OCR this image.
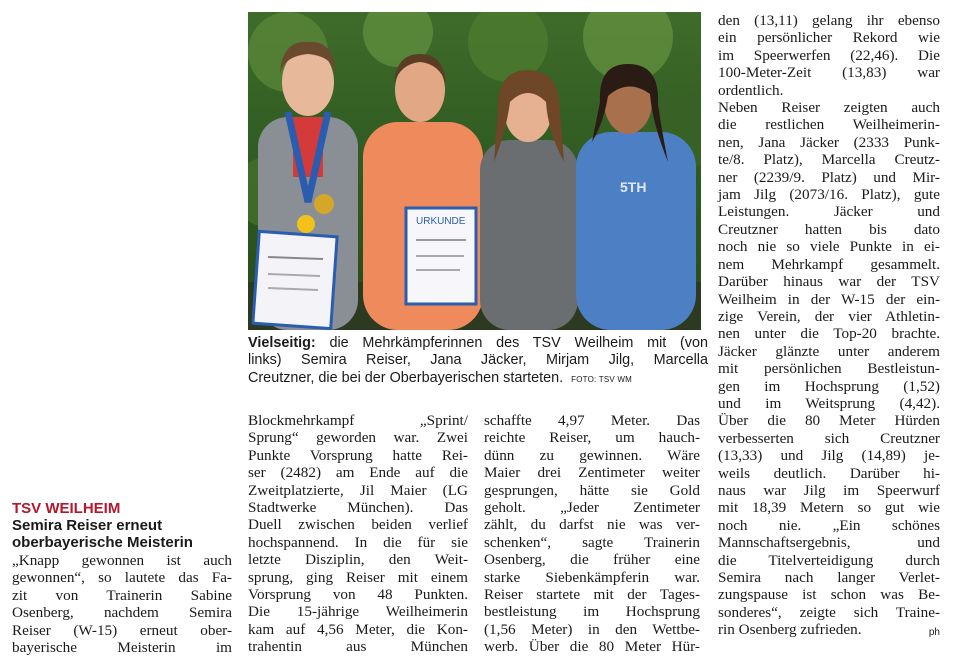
TSV WEILHEIM
Semira Reiser erneut
oberbayerische Meisterin

„Knapp gewonnen ist auch
gewonnen“, so lautete das Fa-
zit von Trainerin Sabine
Osenberg, nachdem Semira
Reiser (W-15) erneut ober-
bayerische Meisterin im

URKUNDE
5TH
Vielseitig: die Mehrkämpferinnen des TSV Weilheim mit (von
links) Semira Reiser, Jana Jäcker, Mirjam Jilg, Marcella
Creutzner, die bei der Oberbayerischen starteten. FOTO: TSV WM
Blockmehrkampf „Sprint/
Sprung“ geworden war. Zwei
Punkte Vorsprung hatte Rei-
ser (2482) am Ende auf die
Zweitplatzierte, Jil Maier (LG
Stadtwerke München). Das
Duell zwischen beiden verlief
hochspannend. In die für sie
letzte Disziplin, den Weit-
sprung, ging Reiser mit einem
Vorsprung von 48 Punkten.
Die 15-jährige Weilheimerin
kam auf 4,56 Meter, die Kon-
trahentin aus München
schaffte 4,97 Meter. Das
reichte Reiser, um hauch-
dünn zu gewinnen. Wäre
Maier drei Zentimeter weiter
gesprungen, hätte sie Gold
geholt. „Jeder Zentimeter
zählt, du darfst nie was ver-
schenken“, sagte Trainerin
Osenberg, die früher eine
starke Siebenkämpferin war.
Reiser startete mit der Tages-
bestleistung im Hochsprung
(1,56 Meter) in den Wettbe-
werb. Über die 80 Meter Hür-
den (13,11) gelang ihr ebenso
ein persönlicher Rekord wie
im Speerwerfen (22,46). Die
100-Meter-Zeit (13,83) war
ordentlich.
Neben Reiser zeigten auch
die restlichen Weilheimerin-
nen, Jana Jäcker (2333 Punk-
te/8. Platz), Marcella Creutz-
ner (2239/9. Platz) und Mir-
jam Jilg (2073/16. Platz), gute
Leistungen. Jäcker und
Creutzner hatten bis dato
noch nie so viele Punkte in ei-
nem Mehrkampf gesammelt.
Darüber hinaus war der TSV
Weilheim in der W-15 der ein-
zige Verein, der vier Athletin-
nen unter die Top-20 brachte.
Jäcker glänzte unter anderem
mit persönlichen Bestleistun-
gen im Hochsprung (1,52)
und im Weitsprung (4,42).
Über die 80 Meter Hürden
verbesserten sich Creutzner
(13,33) und Jilg (14,89) je-
weils deutlich. Darüber hi-
naus war Jilg im Speerwurf
mit 18,39 Metern so gut wie
noch nie. „Ein schönes
Mannschaftsergebnis, und
die Titelverteidigung durch
Semira nach langer Verlet-
zungspause ist schon was Be-
sonderes“, zeigte sich Traine-
rin Osenberg zufrieden.	ph
